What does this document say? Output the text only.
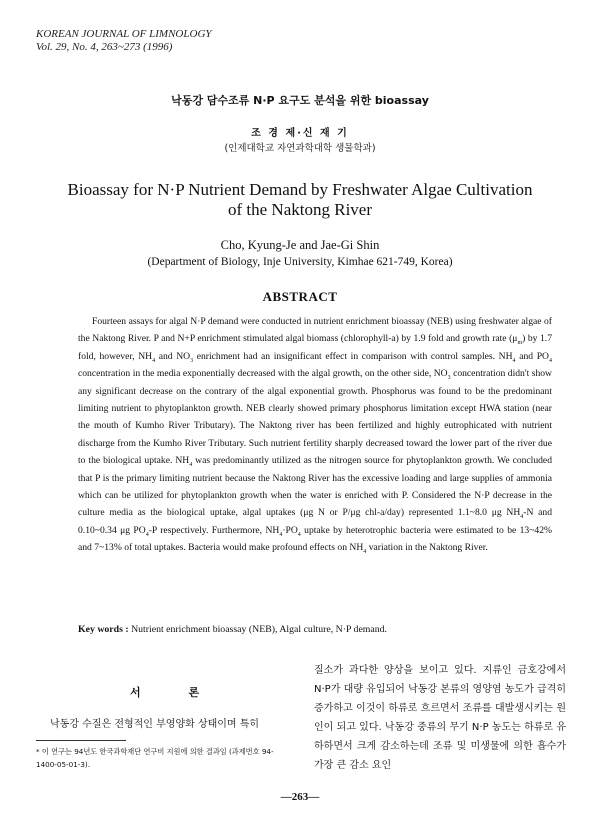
KOREAN JOURNAL OF LIMNOLOGY
Vol. 29, No. 4, 263~273 (1996)
낙동강 담수조류 N·P 요구도 분석을 위한 bioassay
조 경 제·신 재 기
(인제대학교 자연과학대학 생물학과)
Bioassay for N·P Nutrient Demand by Freshwater Algae Cultivation of the Naktong River
Cho, Kyung-Je and Jae-Gi Shin
(Department of Biology, Inje University, Kimhae 621-749, Korea)
ABSTRACT
Fourteen assays for algal N·P demand were conducted in nutrient enrichment bioassay (NEB) using freshwater algae of the Naktong River. P and N+P enrichment stimulated algal biomass (chlorophyll-a) by 1.9 fold and growth rate $(\mu_m)$ by 1.7 fold, however, $NH_4$ and $NO_3$ enrichment had an insignificant effect in comparison with control samples. $NH_4$ and $PO_4$ concentration in the media exponentially decreased with the algal growth, on the other side, $NO_3$ concentration didn't show any significant decrease on the contrary of the algal exponential growth. Phosphorus was found to be the predominant limiting nutrient to phytoplankton growth. NEB clearly showed primary phosphorus limitation except HWA station (near the mouth of Kumho River Tributary). The Naktong river has been fertilized and highly eutrophicated with nutrient discharge from the Kumho River Tributary. Such nutrient fertility sharply decreased toward the lower part of the river due to the biological uptake. $NH_4$ was predominantly utilized as the nitrogen source for phytoplankton growth. We concluded that P is the primary limiting nutrient because the Naktong River has the excessive loading and large supplies of ammonia which can be utilized for phytoplankton growth when the water is enriched with P. Considered the N·P decrease in the culture media as the biological uptake, algal uptakes (μg N or P/μg chl-a/day) represented 1.1~8.0 μg $NH_4-N$ and 0.10~0.34 μg $PO_4-P$ respectively. Furthermore, $NH_4\cdot PO_4$ uptake by heterotrophic bacteria were estimated to be 13~42% and 7~13% of total uptakes. Bacteria would make profound effects on $NH_4$ variation in the Naktong River.
Key words : Nutrient enrichment bioassay (NEB), Algal culture, N·P demand.
서 론
낙동강 수질은 전형적인 부영양화 상태이며 특히
* 이 연구는 94년도 한국과학재단 연구비 지원에 의한 결과임 (과제번호 94-1400-05-01-3).
질소가 과다한 양상을 보이고 있다. 지류인 금호강에서 N·P가 대량 유입되어 낙동강 본류의 영양염 농도가 급격히 증가하고 이것이 하류로 흐르면서 조류를 대발생시키는 원인이 되고 있다. 낙동강 중류의 무기 N·P 농도는 하류로 유하하면서 크게 감소하는데 조류 및 미생물에 의한 흡수가 가장 큰 감소 요인
—263—
